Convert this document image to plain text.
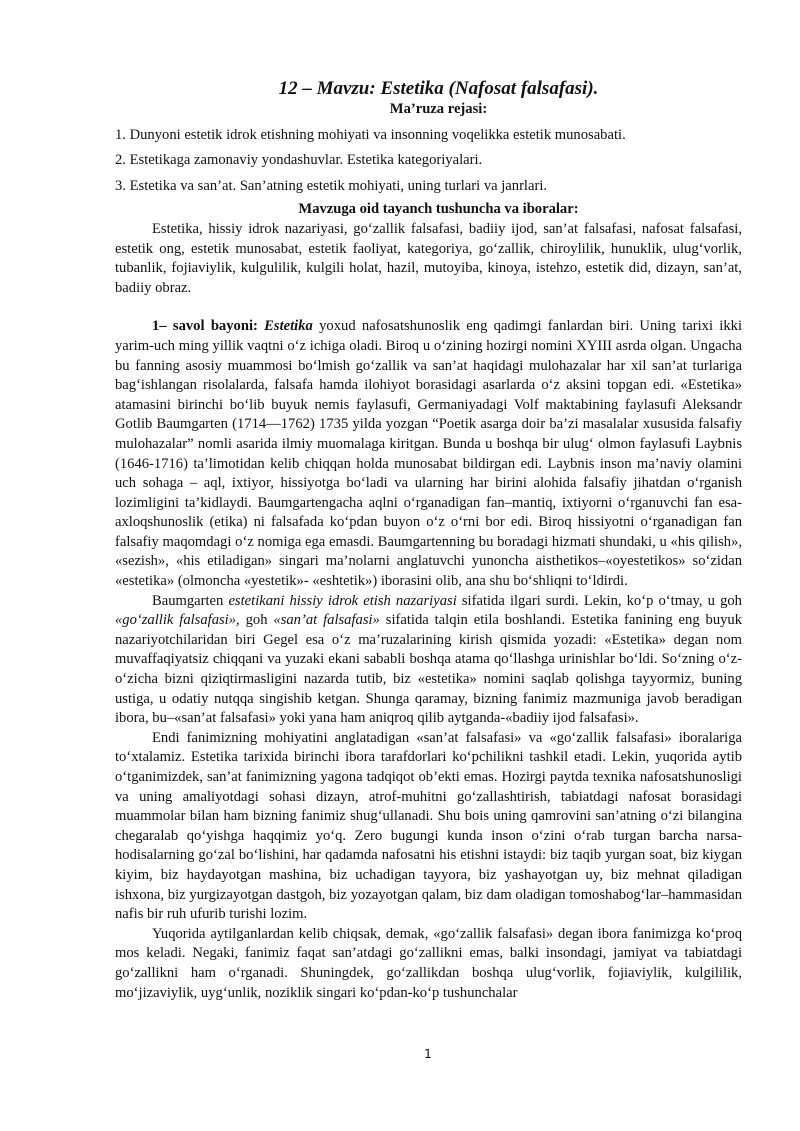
12 – Mavzu: Estetika (Nafosat falsafasi).
Ma’ruza rejasi:
1. Dunyoni estetik idrok etishning mohiyati va insonning voqelikka estetik munosabati.
2. Estetikaga zamonaviy yondashuvlar. Estetika kategoriyalari.
3. Estetika va san’at. San’atning estetik mohiyati, uning turlari va janrlari.
Mavzuga oid tayanch tushuncha va iboralar:

Estetika, hissiy idrok nazariyasi, go‘zallik falsafasi, badiiy ijod, san’at falsafasi, nafosat falsafasi, estetik ong, estetik munosabat, estetik faoliyat, kategoriya, go‘zallik, chiroylilik, hunuklik, ulug‘vorlik, tubanlik, fojiaviylik, kulgulilik, kulgili holat, hazil, mutoyiba, kinoya, istehzo, estetik did, dizayn, san’at, badiiy obraz.

1– savol bayoni: Estetika yoxud nafosatshunoslik eng qadimgi fanlardan biri. Uning tarixi ikki yarim-uch ming yillik vaqtni o‘z ichiga oladi. Biroq u o‘zining hozirgi nomini XYIII asrda olgan. Ungacha bu fanning asosiy muammosi bo‘lmish go‘zallik va san’at haqidagi mulohazalar har xil san’at turlariga bag‘ishlangan risolalarda, falsafa hamda ilohiyot borasidagi asarlarda o‘z aksini topgan edi. «Estetika» atamasini birinchi bo‘lib buyuk nemis faylasufi, Germaniyadagi Volf maktabining faylasufi Aleksandr Gotlib Baumgarten (1714—1762) 1735 yilda yozgan “Poetik asarga doir ba’zi masalalar xususida falsafiy mulohazalar” nomli asarida ilmiy muomalaga kiritgan. Bunda u boshqa bir ulug‘ olmon faylasufi Laybnis (1646-1716) ta’limotidan kelib chiqqan holda munosabat bildirgan edi. Laybnis inson ma’naviy olamini uch sohaga – aql, ixtiyor, hissiyotga bo‘ladi va ularning har birini alohida falsafiy jihatdan o‘rganish lozimligini ta’kidlaydi. Baumgartengacha aqlni o‘rganadigan fan–mantiq, ixtiyorni o‘rganuvchi fan esa-axloqshunoslik (etika) ni falsafada ko‘pdan buyon o‘z o‘rni bor edi. Biroq hissiyotni o‘rganadigan fan falsafiy maqomdagi o‘z nomiga ega emasdi. Baumgartenning bu boradagi hizmati shundaki, u «his qilish», «sezish», «his etiladigan» singari ma’nolarni anglatuvchi yunoncha aisthetikos–«oyestetikos» so‘zidan «estetika» (olmoncha «yestetik»- «eshtetik») iborasini olib, ana shu bo‘shliqni to‘ldirdi.

Baumgarten estetikani hissiy idrok etish nazariyasi sifatida ilgari surdi. Lekin, ko‘p o‘tmay, u goh «go‘zallik falsafasi», goh «san’at falsafasi» sifatida talqin etila boshlandi. Estetika fanining eng buyuk nazariyotchilaridan biri Gegel esa o‘z ma’ruzalarining kirish qismida yozadi: «Estetika» degan nom muvaffaqiyatsiz chiqqani va yuzaki ekani sababli boshqa atama qo‘llashga urinishlar bo‘ldi. So‘zning o‘z-o‘zicha bizni qiziqtirmasligini nazarda tutib, biz «estetika» nomini saqlab qolishga tayyormiz, buning ustiga, u odatiy nutqqa singishib ketgan. Shunga qaramay, bizning fanimiz mazmuniga javob beradigan ibora, bu–«san’at falsafasi» yoki yana ham aniqroq qilib aytganda-«badiiy ijod falsafasi».

Endi fanimizning mohiyatini anglatadigan «san’at falsafasi» va «go‘zallik falsafasi» iboralariga to‘xtalamiz. Estetika tarixida birinchi ibora tarafdorlari ko‘pchilikni tashkil etadi. Lekin, yuqorida aytib o‘tganimizdek, san’at fanimizning yagona tadqiqot ob’ekti emas. Hozirgi paytda texnika nafosatshunosligi va uning amaliyotdagi sohasi dizayn, atrof-muhitni go‘zallashtirish, tabiatdagi nafosat borasidagi muammolar bilan ham bizning fanimiz shug‘ullanadi. Shu bois uning qamrovini san’atning o‘zi bilangina chegaralab qo‘yishga haqqimiz yo‘q. Zero bugungi kunda inson o‘zini o‘rab turgan barcha narsa-hodisalarning go‘zal bo‘lishini, har qadamda nafosatni his etishni istaydi: biz taqib yurgan soat, biz kiygan kiyim, biz haydayotgan mashina, biz uchadigan tayyora, biz yashayotgan uy, biz mehnat qiladigan ishxona, biz yurgizayotgan dastgoh, biz yozayotgan qalam, biz dam oladigan tomoshabog‘lar–hammasidan nafis bir ruh ufurib turishi lozim.

Yuqorida aytilganlardan kelib chiqsak, demak, «go‘zallik falsafasi» degan ibora fanimizga ko‘proq mos keladi. Negaki, fanimiz faqat san’atdagi go‘zallikni emas, balki insondagi, jamiyat va tabiatdagi go‘zallikni ham o‘rganadi. Shuningdek, go‘zallikdan boshqa ulug‘vorlik, fojiaviylik, kulgililik, mo‘jizaviylik, uyg‘unlik, noziklik singari ko‘pdan-ko‘p tushunchalar

1
